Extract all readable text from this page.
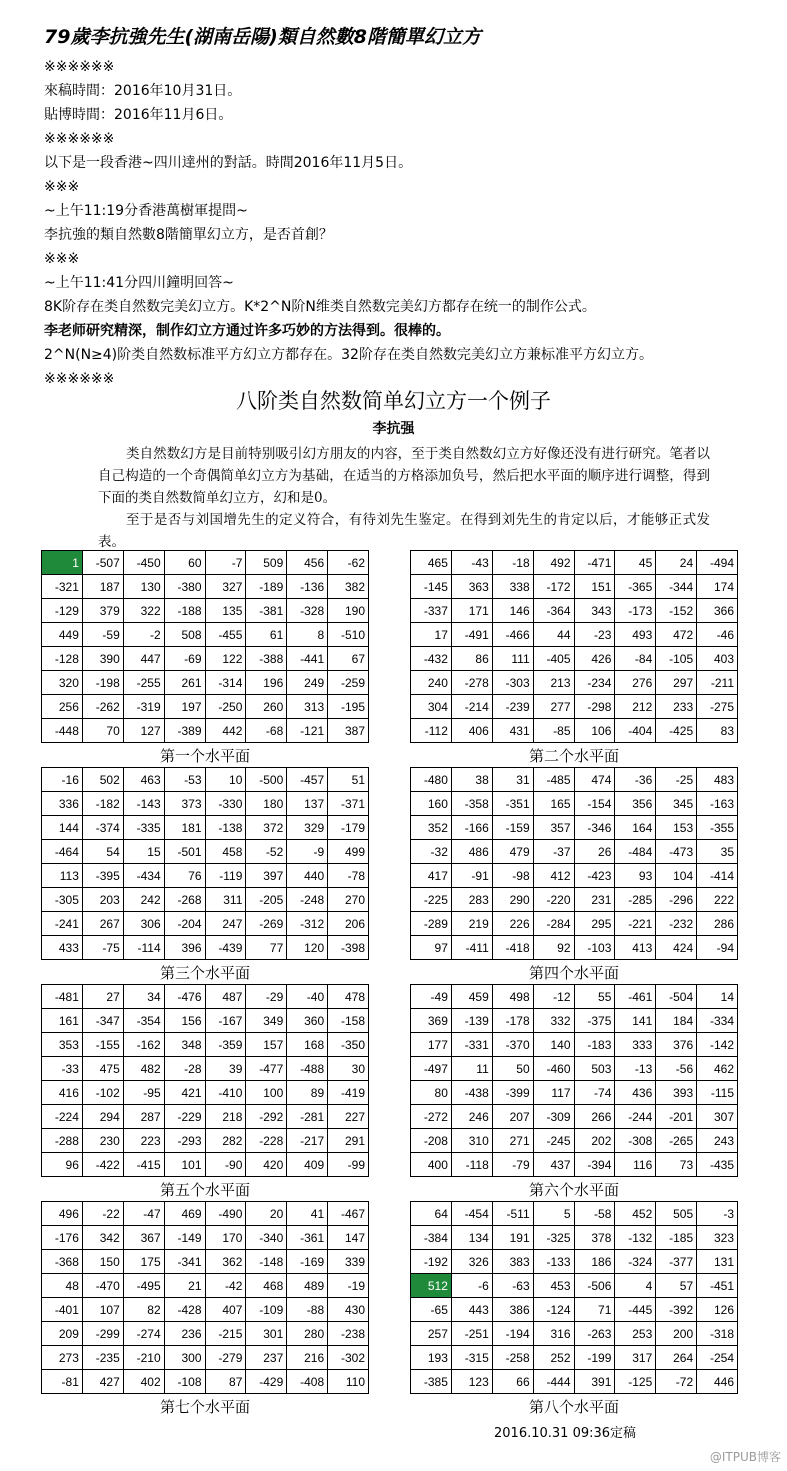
79歲李抗強先生(湖南岳陽)類自然數8階簡單幻立方
※※※※※※
來稿時間：2016年10月31日。
貼博時間：2016年11月6日。
※※※※※※
以下是一段香港~四川達州的對話。時間2016年11月5日。
※※※
~上午11:19分香港萬樹軍提問~
李抗強的類自然數8階簡單幻立方，是否首創？
※※※
~上午11:41分四川鐘明回答~
8K阶存在类自然数完美幻立方。K*2^N阶N维类自然数完美幻方都存在统一的制作公式。
李老师研究精深，制作幻立方通过许多巧妙的方法得到。很棒的。
2^N(N≥4)阶类自然数标准平方幻立方都存在。32阶存在类自然数完美幻立方兼标准平方幻立方。
※※※※※※
八阶类自然数简单幻立方一个例子
李抗强

类自然数幻方是目前特别吸引幻方朋友的内容，至于类自然数幻立方好像还没有进行研究。笔者以自己构造的一个奇偶简单幻立方为基础，在适当的方格添加负号，然后把水平面的顺序进行调整，得到下面的类自然数简单幻立方，幻和是0。

至于是否与刘国增先生的定义符合，有待刘先生鉴定。在得到刘先生的肯定以后，才能够正式发表。

1	-507	-450	60	-7	509	456	-62
-321	187	130	-380	327	-189	-136	382
-129	379	322	-188	135	-381	-328	190
449	-59	-2	508	-455	61	8	-510
-128	390	447	-69	122	-388	-441	67
320	-198	-255	261	-314	196	249	-259
256	-262	-319	197	-250	260	313	-195
-448	70	127	-389	442	-68	-121	387
第一个水平面
465	-43	-18	492	-471	45	24	-494
-145	363	338	-172	151	-365	-344	174
-337	171	146	-364	343	-173	-152	366
17	-491	-466	44	-23	493	472	-46
-432	86	111	-405	426	-84	-105	403
240	-278	-303	213	-234	276	297	-211
304	-214	-239	277	-298	212	233	-275
-112	406	431	-85	106	-404	-425	83
第二个水平面
-16	502	463	-53	10	-500	-457	51
336	-182	-143	373	-330	180	137	-371
144	-374	-335	181	-138	372	329	-179
-464	54	15	-501	458	-52	-9	499
113	-395	-434	76	-119	397	440	-78
-305	203	242	-268	311	-205	-248	270
-241	267	306	-204	247	-269	-312	206
433	-75	-114	396	-439	77	120	-398
第三个水平面
-480	38	31	-485	474	-36	-25	483
160	-358	-351	165	-154	356	345	-163
352	-166	-159	357	-346	164	153	-355
-32	486	479	-37	26	-484	-473	35
417	-91	-98	412	-423	93	104	-414
-225	283	290	-220	231	-285	-296	222
-289	219	226	-284	295	-221	-232	286
97	-411	-418	92	-103	413	424	-94
第四个水平面
-481	27	34	-476	487	-29	-40	478
161	-347	-354	156	-167	349	360	-158
353	-155	-162	348	-359	157	168	-350
-33	475	482	-28	39	-477	-488	30
416	-102	-95	421	-410	100	89	-419
-224	294	287	-229	218	-292	-281	227
-288	230	223	-293	282	-228	-217	291
96	-422	-415	101	-90	420	409	-99
第五个水平面
-49	459	498	-12	55	-461	-504	14
369	-139	-178	332	-375	141	184	-334
177	-331	-370	140	-183	333	376	-142
-497	11	50	-460	503	-13	-56	462
80	-438	-399	117	-74	436	393	-115
-272	246	207	-309	266	-244	-201	307
-208	310	271	-245	202	-308	-265	243
400	-118	-79	437	-394	116	73	-435
第六个水平面
496	-22	-47	469	-490	20	41	-467
-176	342	367	-149	170	-340	-361	147
-368	150	175	-341	362	-148	-169	339
48	-470	-495	21	-42	468	489	-19
-401	107	82	-428	407	-109	-88	430
209	-299	-274	236	-215	301	280	-238
273	-235	-210	300	-279	237	216	-302
-81	427	402	-108	87	-429	-408	110
第七个水平面
64	-454	-511	5	-58	452	505	-3
-384	134	191	-325	378	-132	-185	323
-192	326	383	-133	186	-324	-377	131
512	-6	-63	453	-506	4	57	-451
-65	443	386	-124	71	-445	-392	126
257	-251	-194	316	-263	253	200	-318
193	-315	-258	252	-199	317	264	-254
-385	123	66	-444	391	-125	-72	446
第八个水平面
2016.10.31 09:36定稿
@ITPUB博客
